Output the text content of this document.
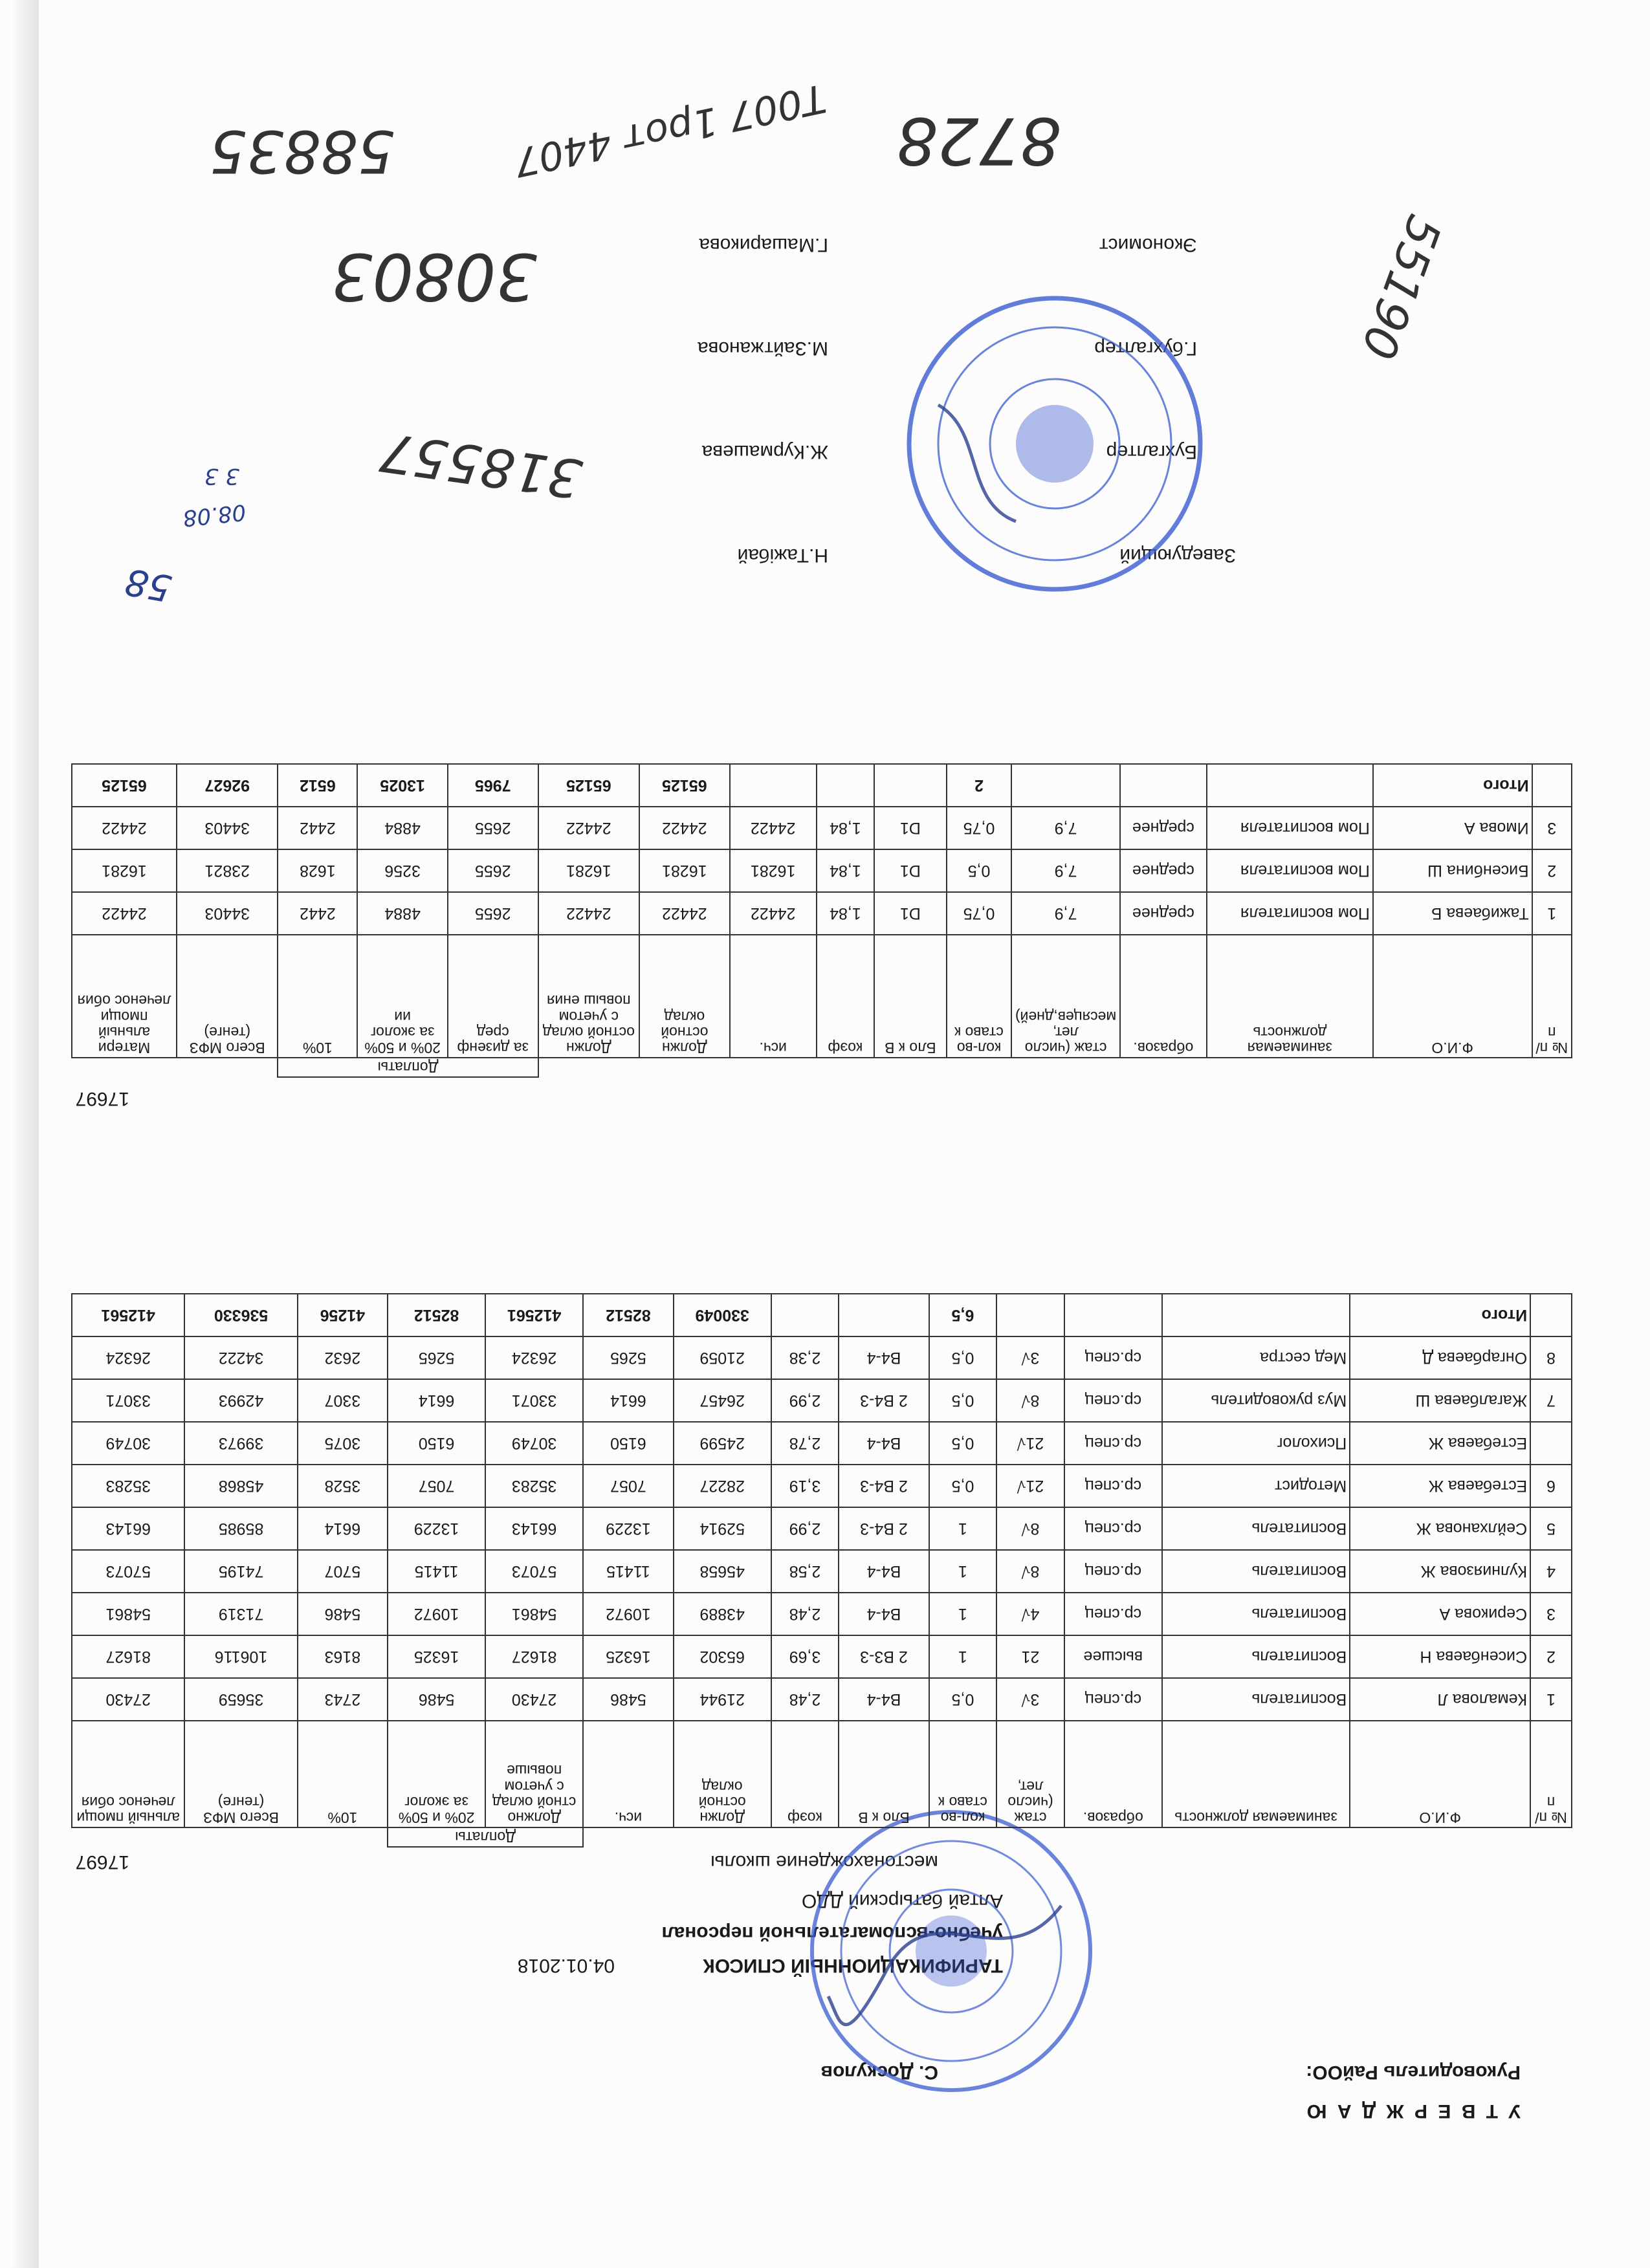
У Т В Е Р Ж Д А Ю
Руководитель РайОО:
С. Доскулов
04.01.2018	ТАРИФИКАЦИОННЫЙ СПИСОК
учебно-вспомагательной персонал
Алтай батырский ДДО
местонахождение школы
17697
										Доплаты				
№ п/ п	Ф.И.О	занимаемая должность	образов.	стаж (число лет,	кол-во ставо к	Бло к В	коэф	Должн остной оклад	исч.	Должно стной оклад с учетом повыше	20% и 50% за эколог	10%	Всего МФЗ (тенге)	альный пмощи леченос обия
1	Кемалова Л	Воспитатель	ср.спец	3√	0,5	В4-4	2,48	21944	5486	27430	5486	2743	35659	27430
2	Сисенбаева Н	Воспитатель	высшее	21	1	2 В3-3	3,69	65302	16325	81627	16325	8163	106116	81627
3	Серикова А	Воспитатель	ср.спец	4√	1	В4-4	2,48	43889	10972	54861	10972	5486	71319	54861
4	Кулниязова Ж	Воспитатель	ср.спец	8√	1	В4-4	2,58	45658	11415	57073	11415	5707	74195	57073
5	Сейлханова Ж	Воспитатель	ср.спец	8√	1	2 В4-3	2,99	52914	13229	66143	13229	6614	85985	66143
6	Естебаева Ж	Методист	ср.спец	21√	0,5	2 В4-3	3,19	28227	7057	35283	7057	3528	45868	35283
	Естебаева Ж	Психолог	ср.спец	21√	0,5	В4-4	2,78	24599	6150	30749	6150	3075	39973	30749
7	Жагалбаева Ш	Муз руководитель	ср.спец	8√	0,5	2 В4-3	2,99	26457	6614	33071	6614	3307	42993	33071
8	Онгарбаева Д	Мед сестра	ср.спец	3√	0,5	В4-4	2,38	21059	5265	26324	5265	2632	34222	26324
	Итого				6,5			330049	82512	412561	82512	41256	536330	412561
17697
											Доплаты				
№ п/ п	Ф.И.О	занимаемая должность	образов.	стаж (число лет, месяцев,дней)	кол-во ставо к	Бло к В	коэф	исч.	Должн остной оклад	Должн остной оклад с учетом повыш ения	за дизенф сред	20% и 50% за эколог ии	10%	Всего МФЗ (тенге)	Матери альный пмощи леченос обия
1	Тажибаева Б	Пом воспитателя	среднее	7,9	0,75	D1	1,84	24422	24422	24422	2655	4884	2442	34403	24422
2	Бисенбина Ш	Пом воспитателя	среднее	7,9	0,5	D1	1,84	16281	16281	16281	2655	3256	1628	23821	16281
3	Имова А	Пом воспитателя	среднее	7,9	0,75	D1	1,84	24422	24422	24422	2655	4884	2442	34403	24422
	Итого				2				65125	65125	7965	13025	6512	92627	65125
Заведующий
Н.Тажібай
Бухгалтер
Ж.Курмашева
Г.бухгалтер
М.Зайтжанова
Экономист
Г.Машарикова
58
08.08
3 3	318557
30803
58835	8728
55190
Т007 1рот 4407
